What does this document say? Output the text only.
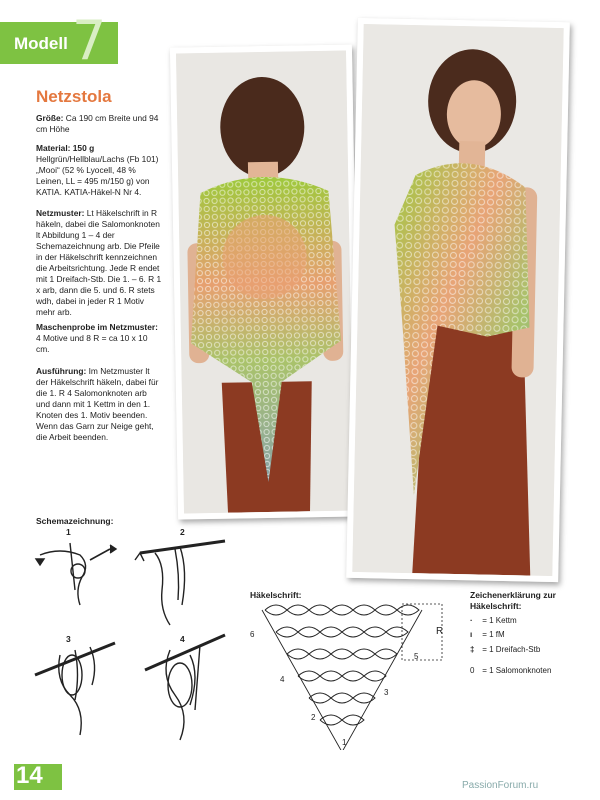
Modell 7
Netzstola
Größe: Ca 190 cm Breite und 94 cm Höhe
Material: 150 g Hellgrün/Hellblau/Lachs (Fb 101) „Mooi“ (52 % Lyocell, 48 % Leinen, LL = 495 m/150 g) von KATIA. KATIA-Häkel-N Nr 4.
Netzmuster: Lt Häkelschrift in R häkeln, dabei die Salomonknoten lt Abbildung 1 – 4 der Schemazeichnung arb. Die Pfeile in der Häkelschrift kennzeichnen die Arbeitsrichtung. Jede R endet mit 1 Dreifach-Stb. Die 1. – 6. R 1 x arb, dann die 5. und 6. R stets wdh, dabei in jeder R 1 Motiv mehr arb.
Maschenprobe im Netzmuster: 4 Motive und 8 R = ca 10 x 10 cm.
Ausführung: Im Netzmuster lt der Häkelschrift häkeln, dabei für die 1. R 4 Salomonknoten arb und dann mit 1 Kettm in den 1. Knoten des 1. Motiv beenden. Wenn das Garn zur Neige geht, die Arbeit beenden.
Schemazeichnung:
1	2
3	4
Häkelschrift:
1
2
3
4
5
6	R
Zeichenerklärung zur Häkelschrift:
· = 1 Kettm
ı = 1 fM
‡ = 1 Dreifach-Stb
0 = 1 Salomonknoten
14	PassionForum.ru
